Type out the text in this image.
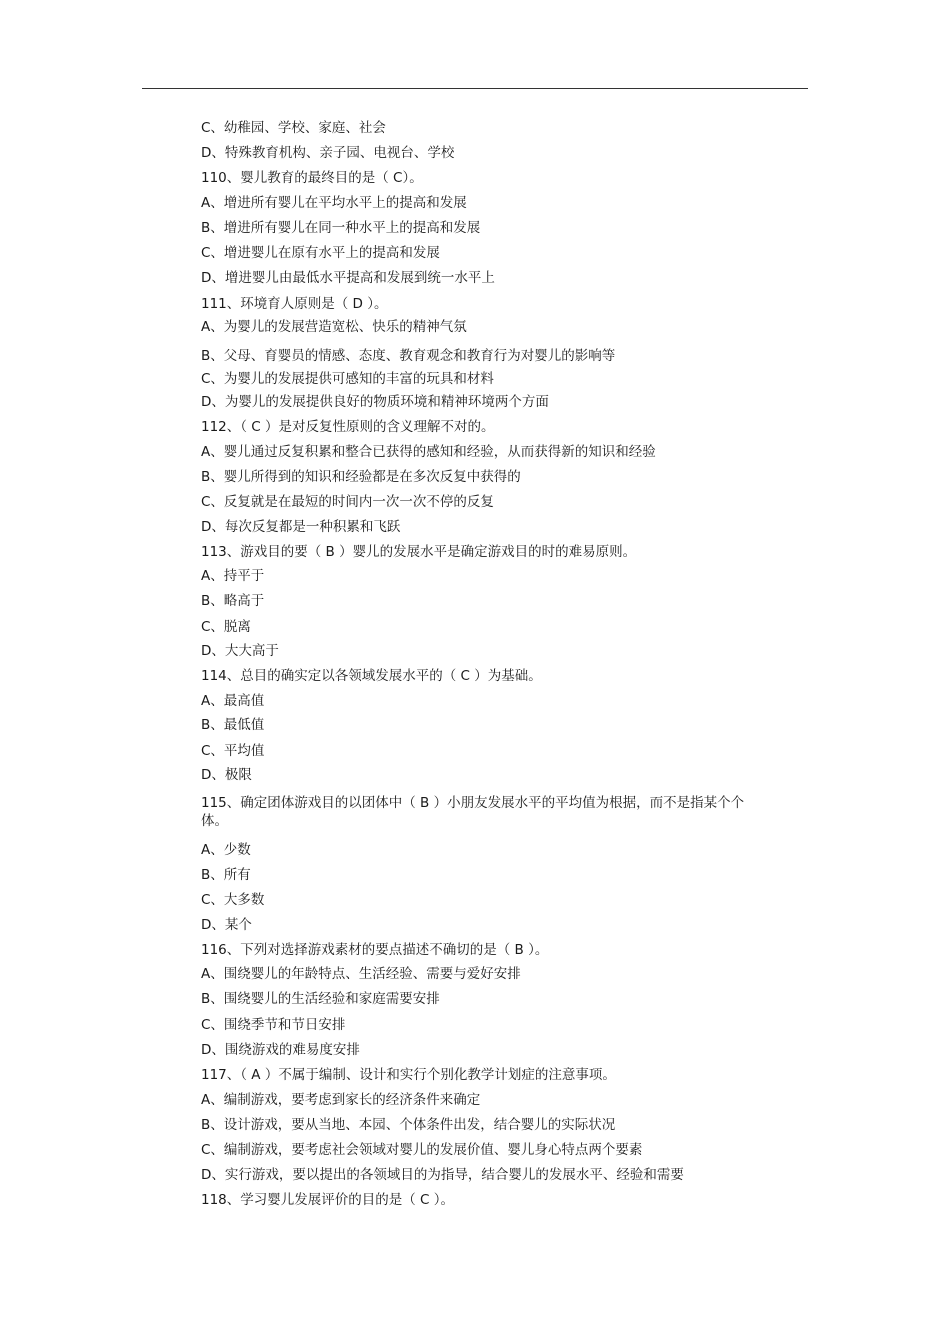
C、幼稚园、学校、家庭、社会
D、特殊教育机构、亲子园、电视台、学校
110、婴儿教育的最终目的是（ C）。
A、增进所有婴儿在平均水平上的提高和发展
B、增进所有婴儿在同一种水平上的提高和发展
C、增进婴儿在原有水平上的提高和发展
D、增进婴儿由最低水平提高和发展到统一水平上
111、环境育人原则是（ D ）。
A、为婴儿的发展营造宽松、快乐的精神气氛
B、父母、育婴员的情感、态度、教育观念和教育行为对婴儿的影响等
C、为婴儿的发展提供可感知的丰富的玩具和材料
D、为婴儿的发展提供良好的物质环境和精神环境两个方面
112、（ C ）是对反复性原则的含义理解不对的。
A、婴儿通过反复积累和整合已获得的感知和经验，从而获得新的知识和经验
B、婴儿所得到的知识和经验都是在多次反复中获得的
C、反复就是在最短的时间内一次一次不停的反复
D、每次反复都是一种积累和飞跃
113、游戏目的要（ B ）婴儿的发展水平是确定游戏目的时的难易原则。
A、持平于
B、略高于
C、脱离
D、大大高于
114、总目的确实定以各领域发展水平的（ C ）为基础。
A、最高值
B、最低值
C、平均值
D、极限
115、确定团体游戏目的以团体中（ B ）小朋友发展水平的平均值为根据，而不是指某个个体。
A、少数
B、所有
C、大多数
D、某个
116、下列对选择游戏素材的要点描述不确切的是（ B ）。
A、围绕婴儿的年龄特点、生活经验、需要与爱好安排
B、围绕婴儿的生活经验和家庭需要安排
C、围绕季节和节日安排
D、围绕游戏的难易度安排
117、（ A ）不属于编制、设计和实行个别化教学计划症的注意事项。
A、编制游戏，要考虑到家长的经济条件来确定
B、设计游戏，要从当地、本园、个体条件出发，结合婴儿的实际状况
C、编制游戏，要考虑社会领域对婴儿的发展价值、婴儿身心特点两个要素
D、实行游戏，要以提出的各领域目的为指导，结合婴儿的发展水平、经验和需要
118、学习婴儿发展评价的目的是（ C ）。
